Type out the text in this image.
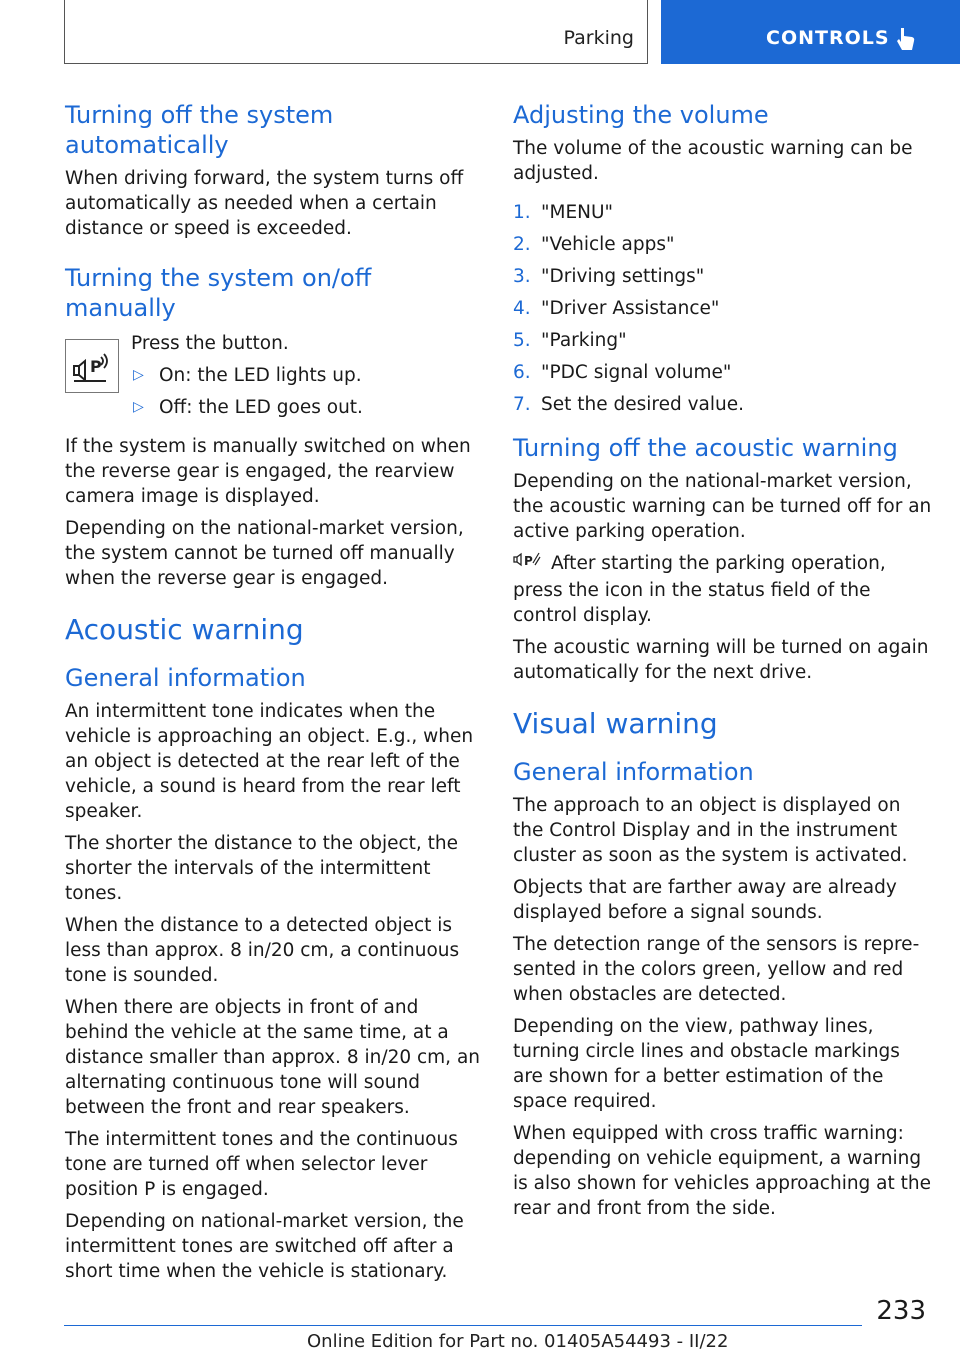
Parking	CONTROLS
Turning off the system automatically

When driving forward, the system turns off automatically as needed when a certain distance or speed is exceeded.

Turning the system on/off manually
P

Press the button.

▷ On: the LED lights up.
▷ Off: the LED goes out.

If the system is manually switched on when the reverse gear is engaged, the rearview camera image is displayed.

Depending on the national-market version, the system cannot be turned off manually when the reverse gear is engaged.

Acoustic warning
General information

An intermittent tone indicates when the vehicle is approaching an object. E.g., when an object is detected at the rear left of the vehicle, a sound is heard from the rear left speaker.

The shorter the distance to the object, the shorter the intervals of the intermittent tones.

When the distance to a detected object is less than approx. 8 in/20 cm, a continuous tone is sounded.

When there are objects in front of and behind the vehicle at the same time, at a distance smaller than approx. 8 in/20 cm, an alternating continuous tone will sound between the front and rear speakers.

The intermittent tones and the continuous tone are turned off when selector lever position P is engaged.

Depending on national-market version, the intermittent tones are switched off after a short time when the vehicle is stationary.

Adjusting the volume

The volume of the acoustic warning can be adjusted.

1. "MENU"
2. "Vehicle apps"
3. "Driving settings"
4. "Driver Assistance"
5. "Parking"
6. "PDC signal volume"
7. Set the desired value.
Turning off the acoustic warning

Depending on the national-market version, the acoustic warning can be turned off for an active parking operation.

P After starting the parking operation, press the icon in the status field of the control display.

The acoustic warning will be turned on again automatically for the next drive.

Visual warning
General information

The approach to an object is displayed on the Control Display and in the instrument cluster as soon as the system is activated.

Objects that are farther away are already displayed before a signal sounds.

The detection range of the sensors is represented in the colors green, yellow and red when obstacles are detected.

Depending on the view, pathway lines, turning circle lines and obstacle markings are shown for a better estimation of the space required.

When equipped with cross traffic warning: depending on vehicle equipment, a warning is also shown for vehicles approaching at the rear and front from the side.

233
Online Edition for Part no. 01405A54493 - II/22
